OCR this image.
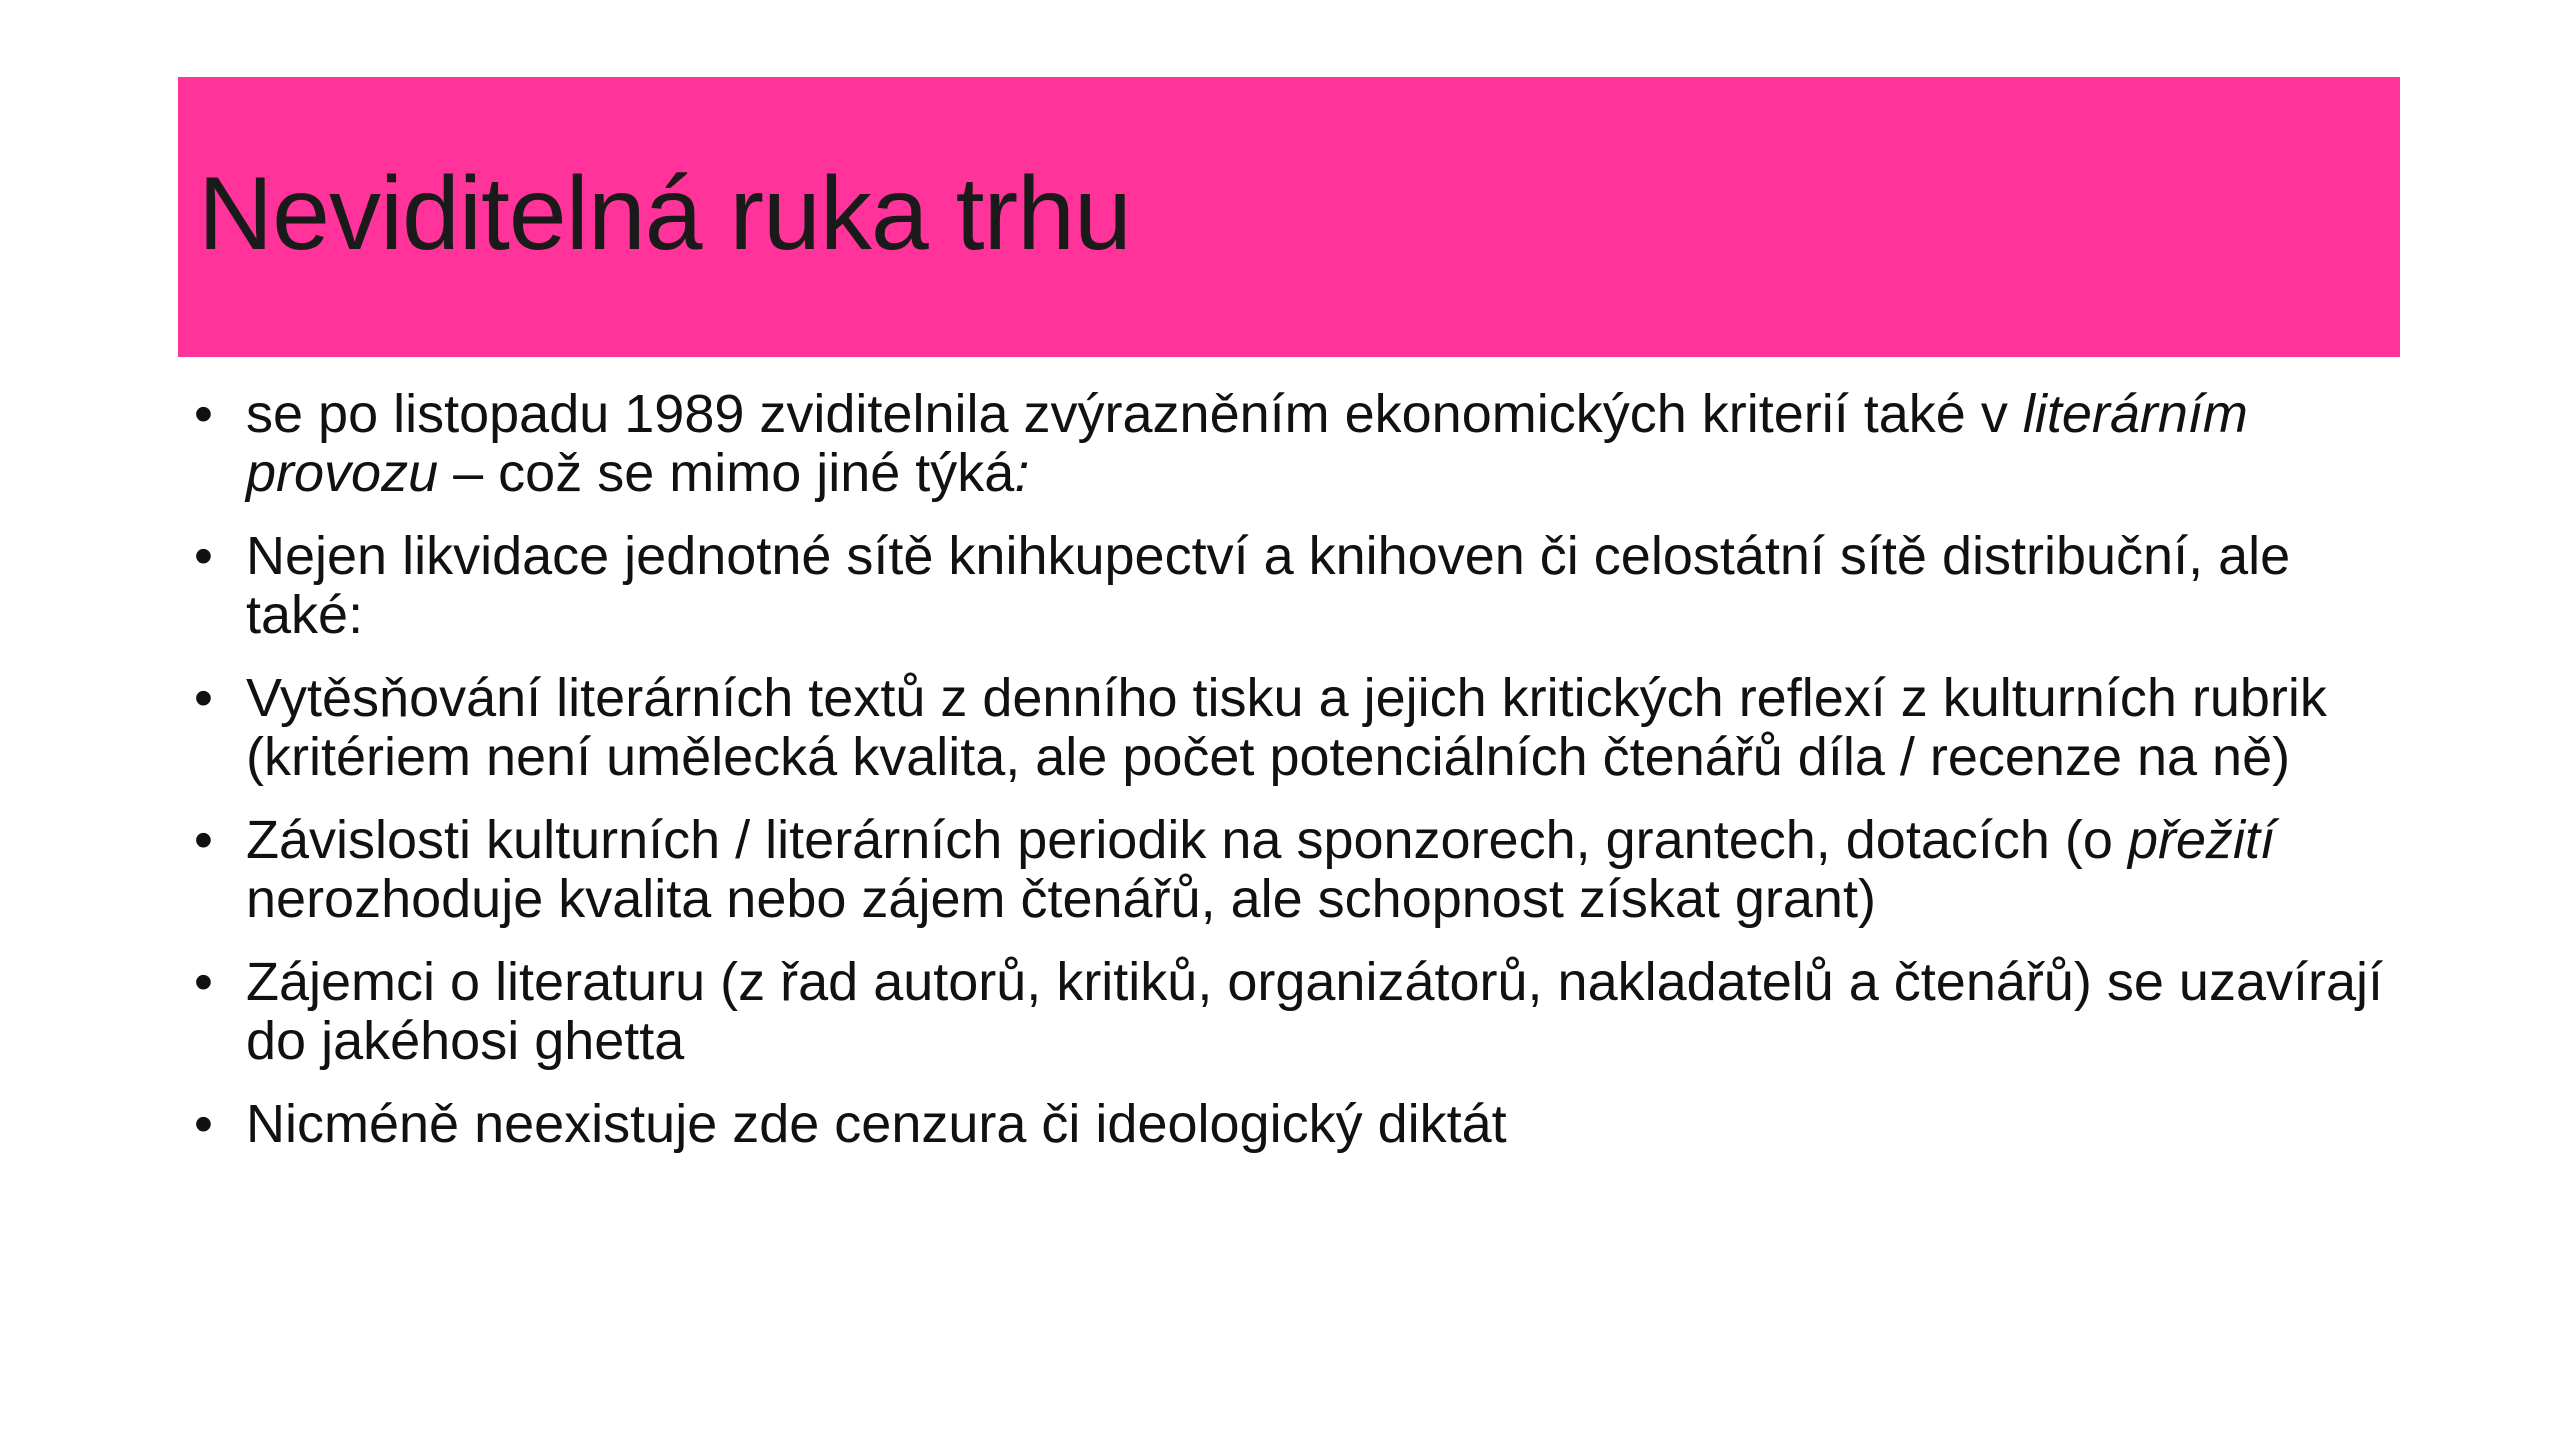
Neviditelná ruka trhu
• se po listopadu 1989 zviditelnila zvýrazněním ekonomických kriterií také v literárním provozu – což se mimo jiné týká:
• Nejen likvidace jednotné sítě knihkupectví a knihoven či celostátní sítě distribuční, ale také:
• Vytěsňování literárních textů z denního tisku a jejich kritických reflexí z kulturních rubrik (kritériem není umělecká kvalita, ale počet potenciálních čtenářů díla / recenze na ně)
• Závislosti kulturních / literárních periodik na sponzorech, grantech, dotacích (o přežití nerozhoduje kvalita nebo zájem čtenářů, ale schopnost získat grant)
• Zájemci o literaturu (z řad autorů, kritiků, organizátorů, nakladatelů a čtenářů) se uzavírají do jakéhosi ghetta
• Nicméně neexistuje zde cenzura či ideologický diktát
